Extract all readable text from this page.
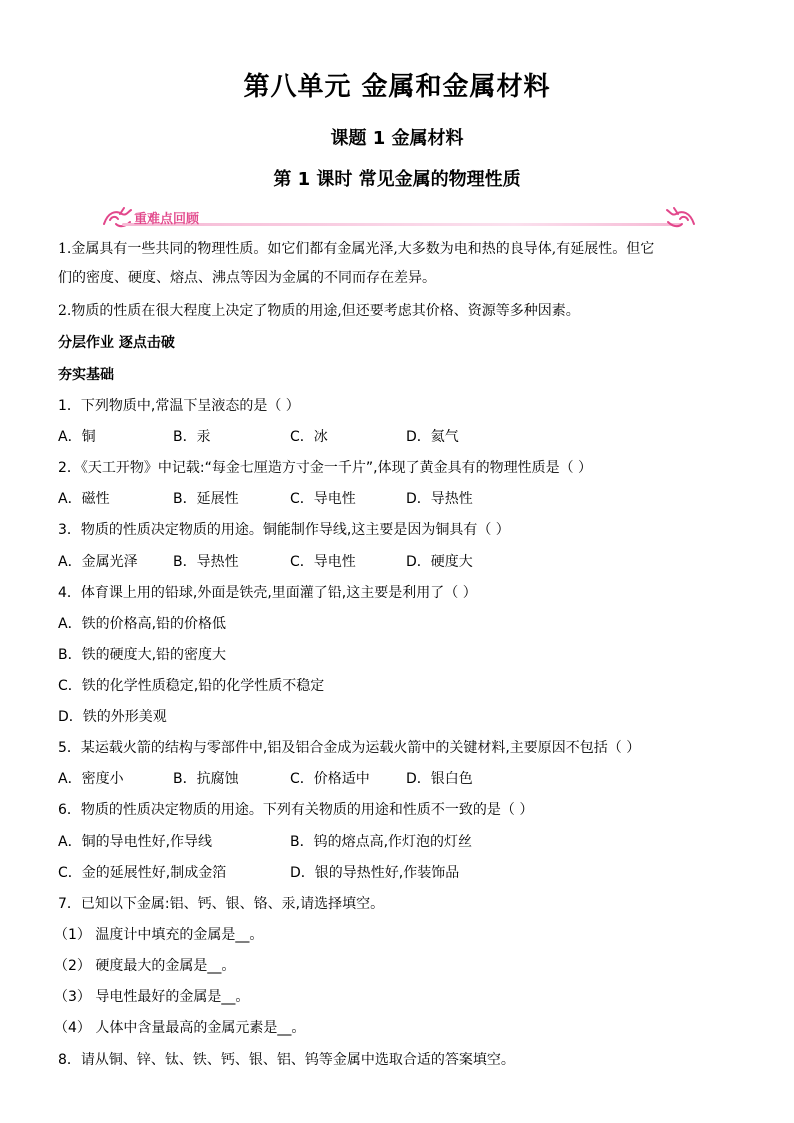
第八单元 金属和金属材料
课题 1 金属材料
第 1 课时 常见金属的物理性质
重难点回顾
1.金属具有一些共同的物理性质。如它们都有金属光泽,大多数为电和热的良导体,有延展性。但它
们的密度、硬度、熔点、沸点等因为金属的不同而存在差异。
2.物质的性质在很大程度上决定了物质的用途,但还要考虑其价格、资源等多种因素。
分层作业 逐点击破
夯实基础
1．下列物质中,常温下呈液态的是（ ）
A．铜	B．汞	C．冰	D．氦气
2．《天工开物》中记载:“每金七厘造方寸金一千片”,体现了黄金具有的物理性质是（ ）
A．磁性	B．延展性	C．导电性	D．导热性
3．物质的性质决定物质的用途。铜能制作导线,这主要是因为铜具有（ ）
A．金属光泽	B．导热性	C．导电性	D．硬度大
4．体育课上用的铅球,外面是铁壳,里面灌了铅,这主要是利用了（ ）
A．铁的价格高,铅的价格低
B．铁的硬度大,铅的密度大
C．铁的化学性质稳定,铅的化学性质不稳定
D．铁的外形美观
5．某运载火箭的结构与零部件中,铝及铝合金成为运载火箭中的关键材料,主要原因不包括（ ）
A．密度小	B．抗腐蚀	C．价格适中	D．银白色
6．物质的性质决定物质的用途。下列有关物质的用途和性质不一致的是（ ）
A．铜的导电性好,作导线	B．钨的熔点高,作灯泡的灯丝
C．金的延展性好,制成金箔	D．银的导热性好,作装饰品
7．已知以下金属:铝、钙、银、铬、汞,请选择填空。
（1） 温度计中填充的金属是__。
（2） 硬度最大的金属是__。
（3） 导电性最好的金属是__。
（4） 人体中含量最高的金属元素是__。
8．请从铜、锌、钛、铁、钙、银、铝、钨等金属中选取合适的答案填空。
